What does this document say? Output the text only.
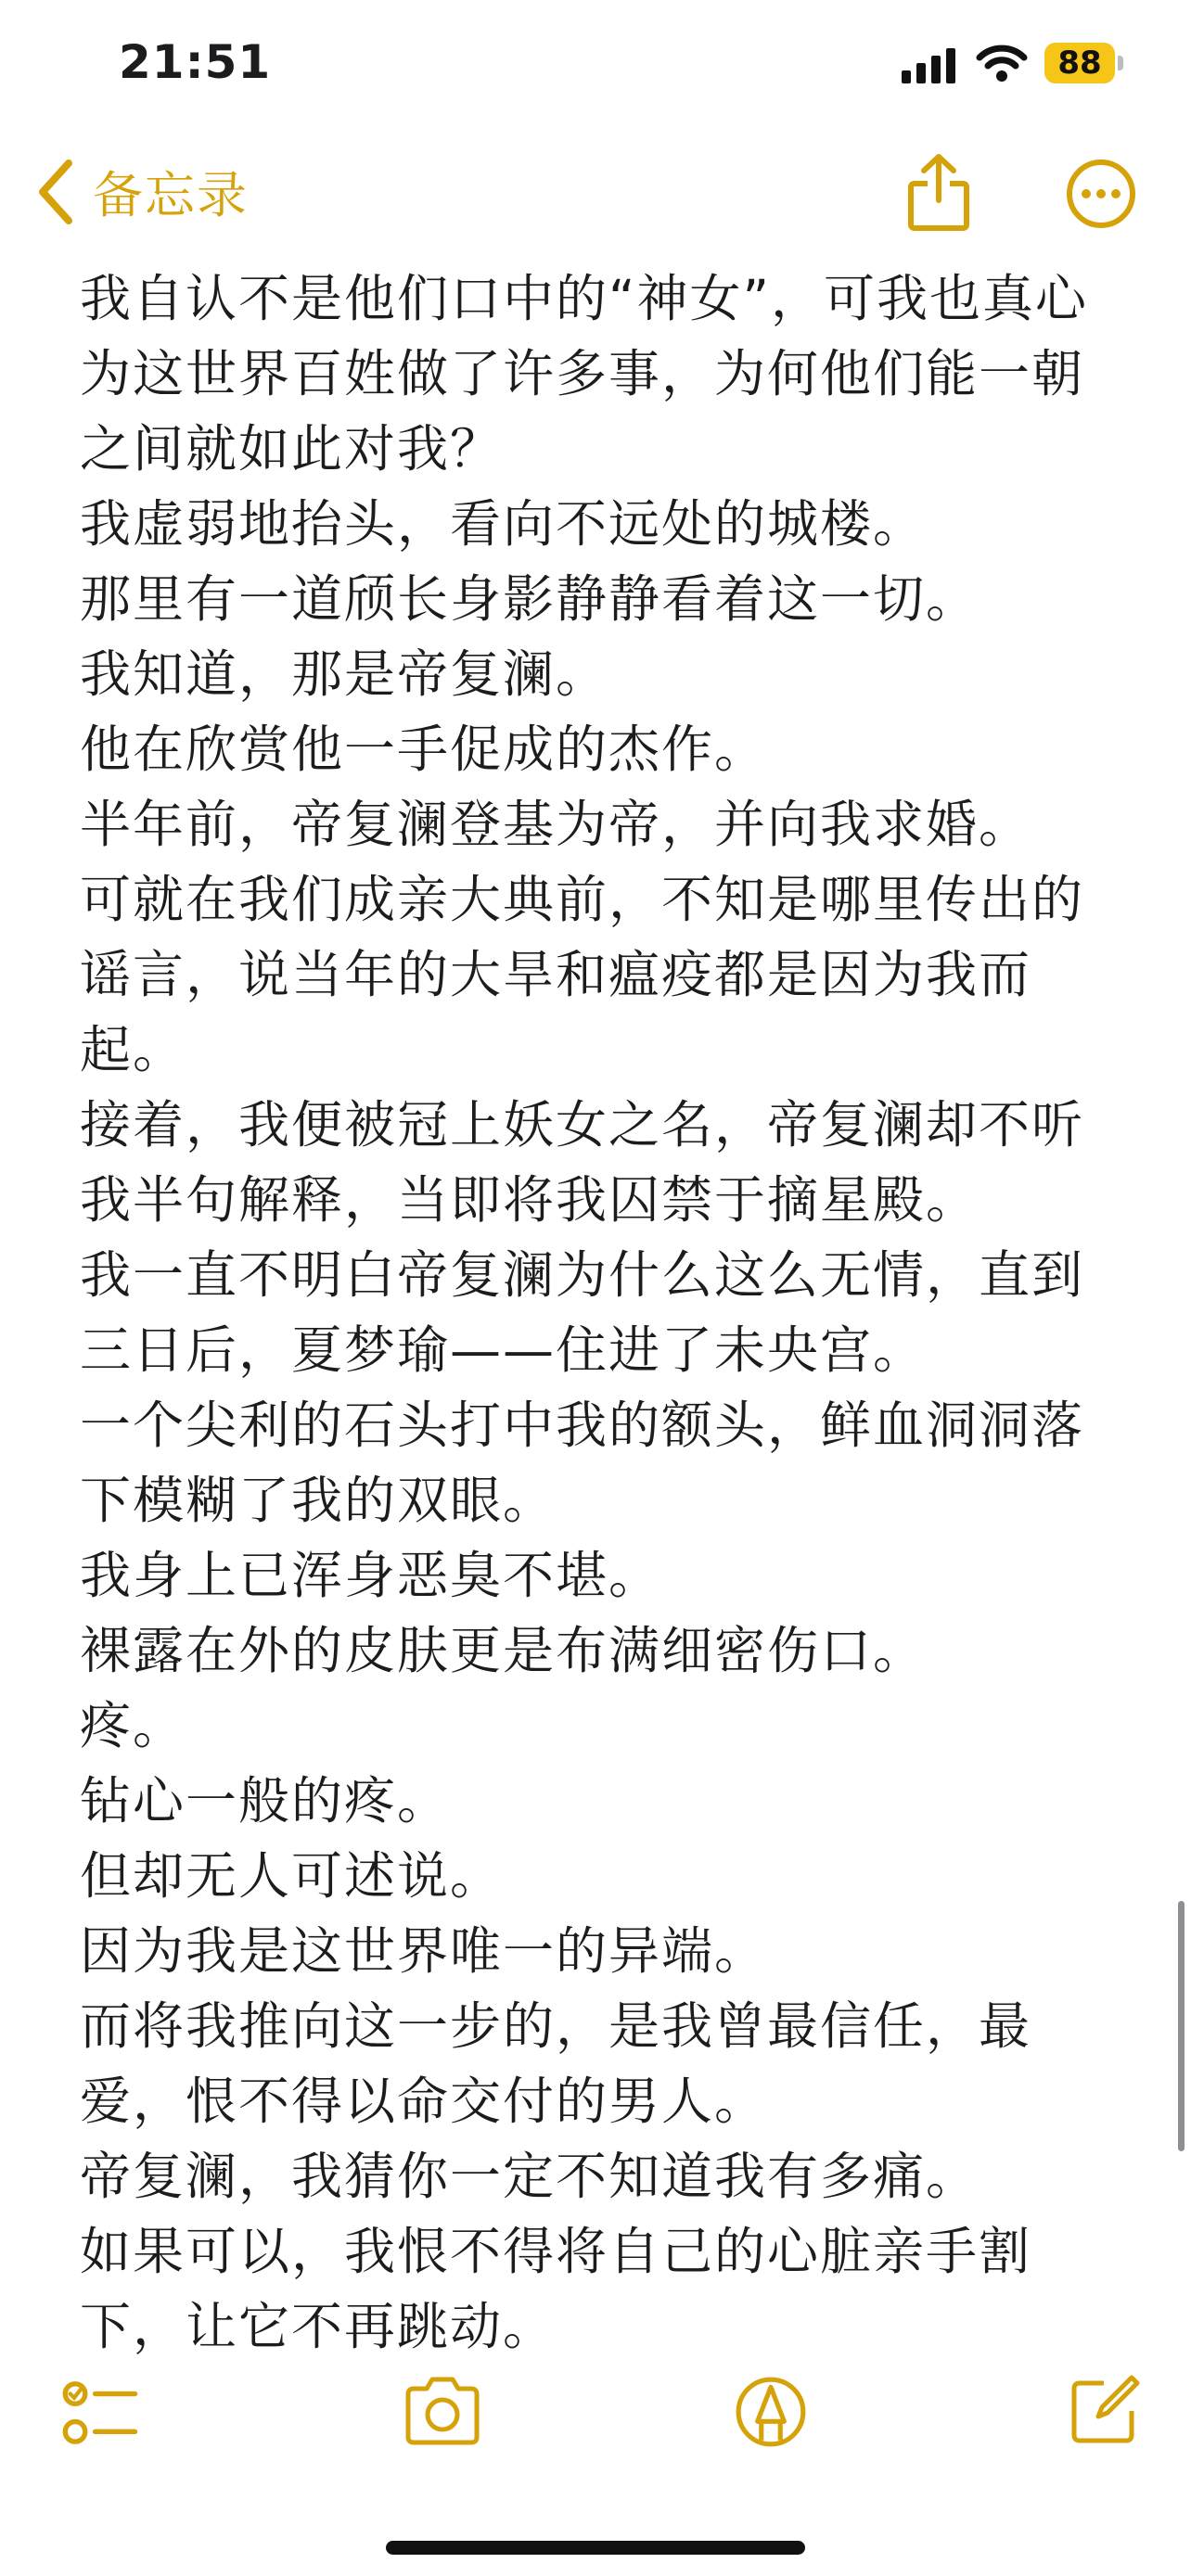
21:51	88
备忘录

我自认不是他们口中的“神女”，可我也真心为这世界百姓做了许多事，为何他们能一朝之间就如此对我？

我虚弱地抬头，看向不远处的城楼。

那里有一道颀长身影静静看着这一切。

我知道，那是帝复澜。

他在欣赏他一手促成的杰作。

半年前，帝复澜登基为帝，并向我求婚。

可就在我们成亲大典前，不知是哪里传出的谣言，说当年的大旱和瘟疫都是因为我而起。

接着，我便被冠上妖女之名，帝复澜却不听我半句解释，当即将我囚禁于摘星殿。

我一直不明白帝复澜为什么这么无情，直到三日后，夏梦瑜——住进了未央宫。

一个尖利的石头打中我的额头，鲜血洞洞落下模糊了我的双眼。

我身上已浑身恶臭不堪。

裸露在外的皮肤更是布满细密伤口。

疼。

钻心一般的疼。

但却无人可述说。

因为我是这世界唯一的异端。

而将我推向这一步的，是我曾最信任，最爱，恨不得以命交付的男人。

帝复澜，我猜你一定不知道我有多痛。

如果可以，我恨不得将自己的心脏亲手割下，让它不再跳动。
